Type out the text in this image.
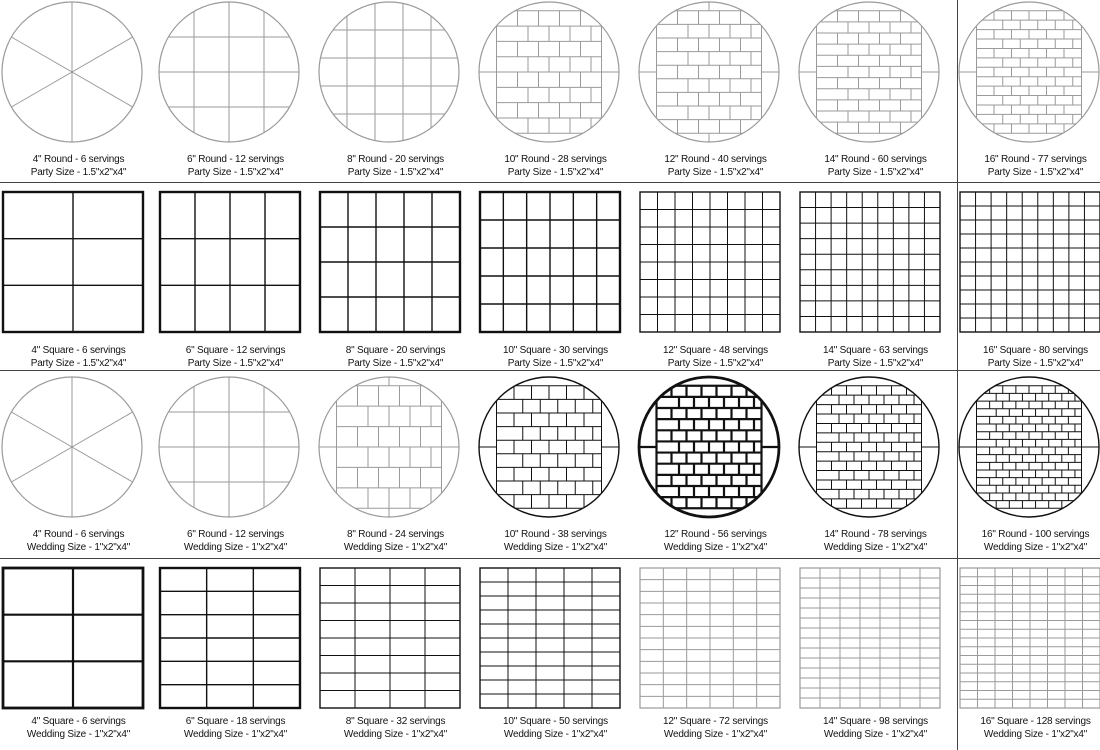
4" Round - 6 servings
Party Size - 1.5"x2"x4"
6" Round - 12 servings
Party Size - 1.5"x2"x4"
8" Round - 20 servings
Party Size - 1.5"x2"x4"
10" Round - 28 servings
Party Size - 1.5"x2"x4"
12" Round - 40 servings
Party Size - 1.5"x2"x4"
14" Round - 60 servings
Party Size - 1.5"x2"x4"
16" Round - 77 servings
Party Size - 1.5"x2"x4"
4" Square - 6 servings
Party Size - 1.5"x2"x4"
6" Square - 12 servings
Party Size - 1.5"x2"x4"
8" Square - 20 servings
Party Size - 1.5"x2"x4"
10" Square - 30 servings
Party Size - 1.5"x2"x4"
12" Square - 48 servings
Party Size - 1.5"x2"x4"
14" Square - 63 servings
Party Size - 1.5"x2"x4"
16" Square - 80 servings
Party Size - 1.5"x2"x4"
4" Round - 6 servings
Wedding Size - 1"x2"x4"
6" Round - 12 servings
Wedding Size - 1"x2"x4"
8" Round - 24 servings
Wedding Size - 1"x2"x4"
10" Round - 38 servings
Wedding Size - 1"x2"x4"
12" Round - 56 servings
Wedding Size - 1"x2"x4"
14" Round - 78 servings
Wedding Size - 1"x2"x4"
16" Round - 100 servings
Wedding Size - 1"x2"x4"
4" Square - 6 servings
Wedding Size - 1"x2"x4"
6" Square - 18 servings
Wedding Size - 1"x2"x4"
8" Square - 32 servings
Wedding Size - 1"x2"x4"
10" Square - 50 servings
Wedding Size - 1"x2"x4"
12" Square - 72 servings
Wedding Size - 1"x2"x4"
14" Square - 98 servings
Wedding Size - 1"x2"x4"
16" Square - 128 servings
Wedding Size - 1"x2"x4"
